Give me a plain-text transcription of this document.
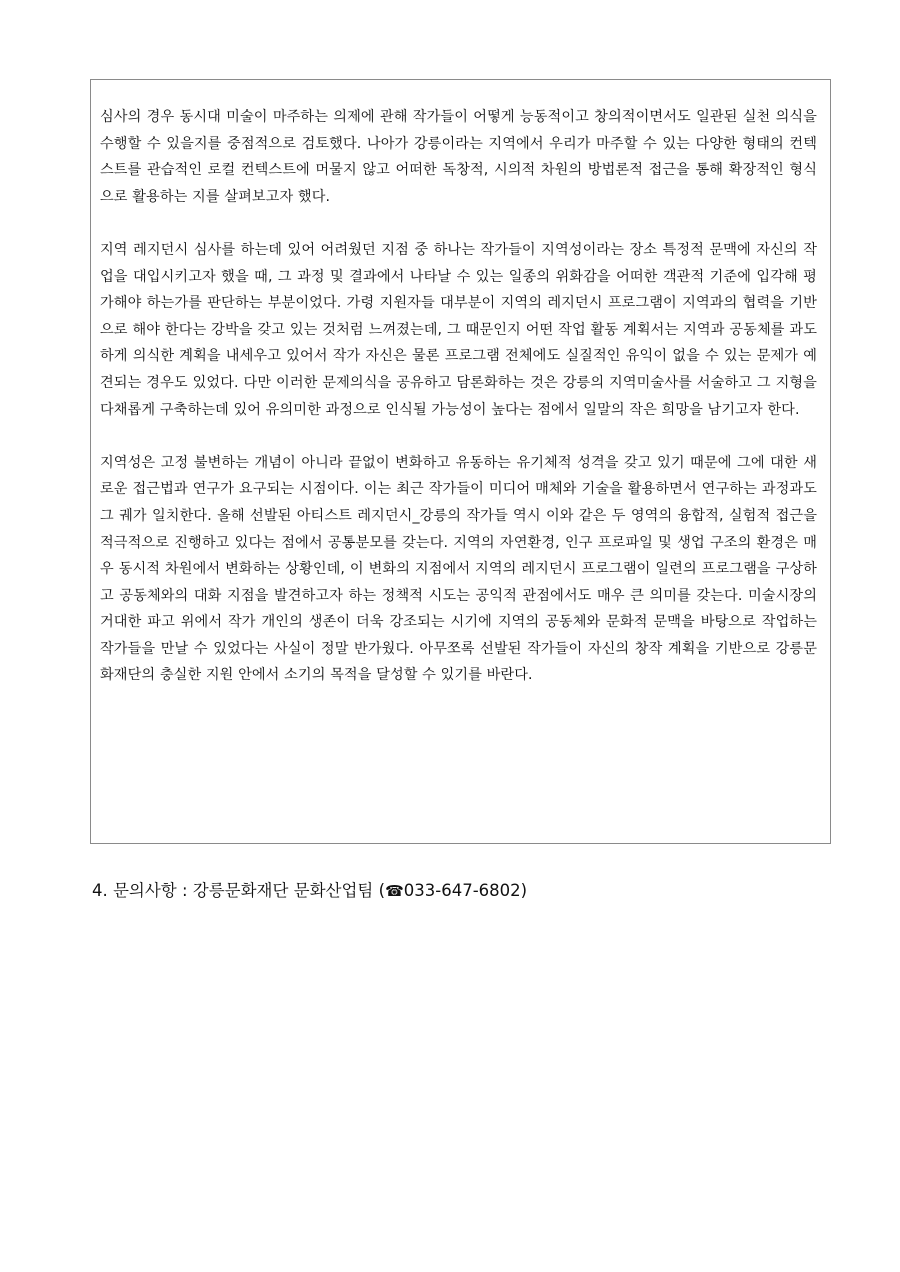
심사의 경우 동시대 미술이 마주하는 의제에 관해 작가들이 어떻게 능동적이고 창의적이면서도 일관된 실천 의식을 수행할 수 있을지를 중점적으로 검토했다. 나아가 강릉이라는 지역에서 우리가 마주할 수 있는 다양한 형태의 컨텍스트를 관습적인 로컬 컨텍스트에 머물지 않고 어떠한 독창적, 시의적 차원의 방법론적 접근을 통해 확장적인 형식으로 활용하는 지를 살펴보고자 했다.

지역 레지던시 심사를 하는데 있어 어려웠던 지점 중 하나는 작가들이 지역성이라는 장소 특정적 문맥에 자신의 작업을 대입시키고자 했을 때, 그 과정 및 결과에서 나타날 수 있는 일종의 위화감을 어떠한 객관적 기준에 입각해 평가해야 하는가를 판단하는 부분이었다. 가령 지원자들 대부분이 지역의 레지던시 프로그램이 지역과의 협력을 기반으로 해야 한다는 강박을 갖고 있는 것처럼 느껴졌는데, 그 때문인지 어떤 작업 활동 계획서는 지역과 공동체를 과도하게 의식한 계획을 내세우고 있어서 작가 자신은 물론 프로그램 전체에도 실질적인 유익이 없을 수 있는 문제가 예견되는 경우도 있었다. 다만 이러한 문제의식을 공유하고 담론화하는 것은 강릉의 지역미술사를 서술하고 그 지형을 다채롭게 구축하는데 있어 유의미한 과정으로 인식될 가능성이 높다는 점에서 일말의 작은 희망을 남기고자 한다.

지역성은 고정 불변하는 개념이 아니라 끝없이 변화하고 유동하는 유기체적 성격을 갖고 있기 때문에 그에 대한 새로운 접근법과 연구가 요구되는 시점이다. 이는 최근 작가들이 미디어 매체와 기술을 활용하면서 연구하는 과정과도 그 궤가 일치한다. 올해 선발된 아티스트 레지던시_강릉의 작가들 역시 이와 같은 두 영역의 융합적, 실험적 접근을 적극적으로 진행하고 있다는 점에서 공통분모를 갖는다. 지역의 자연환경, 인구 프로파일 및 생업 구조의 환경은 매우 동시적 차원에서 변화하는 상황인데, 이 변화의 지점에서 지역의 레지던시 프로그램이 일련의 프로그램을 구상하고 공동체와의 대화 지점을 발견하고자 하는 정책적 시도는 공익적 관점에서도 매우 큰 의미를 갖는다. 미술시장의 거대한 파고 위에서 작가 개인의 생존이 더욱 강조되는 시기에 지역의 공동체와 문화적 문맥을 바탕으로 작업하는 작가들을 만날 수 있었다는 사실이 정말 반가웠다. 아무쪼록 선발된 작가들이 자신의 창작 계획을 기반으로 강릉문화재단의 충실한 지원 안에서 소기의 목적을 달성할 수 있기를 바란다.

4. 문의사항 : 강릉문화재단 문화산업팀 (☎033-647-6802)
